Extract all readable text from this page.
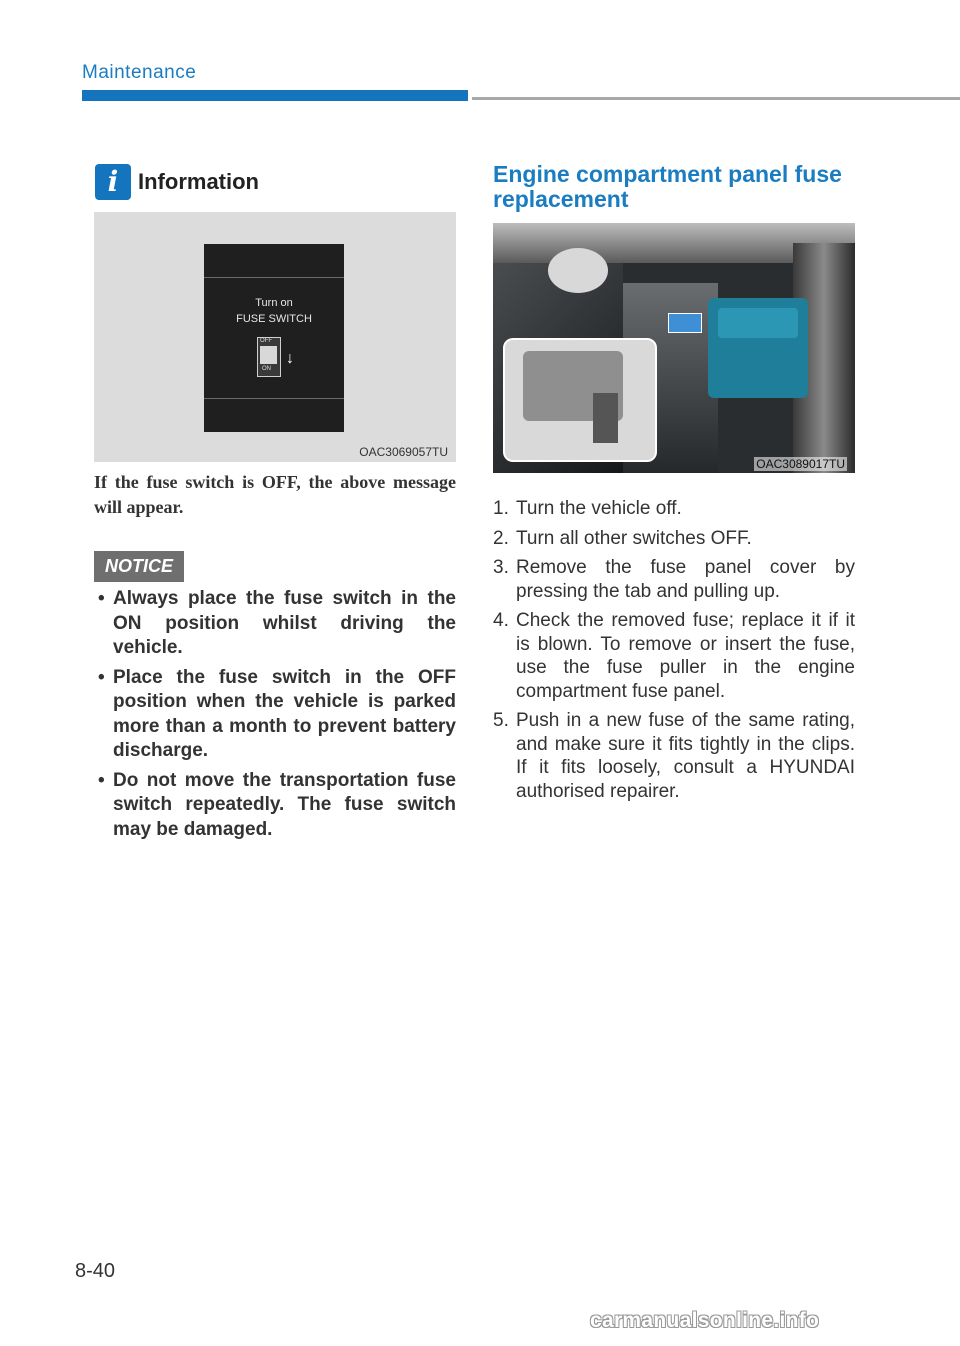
Maintenance
i Information
Turn on
FUSE SWITCH
OFF
ON
↓
OAC3069057TU
If the fuse switch is OFF, the above message will appear.
NOTICE
• Always place the fuse switch in the ON position whilst driving the vehicle.
• Place the fuse switch in the OFF position when the vehicle is parked more than a month to prevent battery discharge.
• Do not move the transportation fuse switch repeatedly. The fuse switch may be damaged.
Engine compartment panel fuse replacement
OAC3089017TU
1. Turn the vehicle off.
2. Turn all other switches OFF.
3. Remove the fuse panel cover by pressing the tab and pulling up.
4. Check the removed fuse; replace it if it is blown. To remove or insert the fuse, use the fuse puller in the engine compartment fuse panel.
5. Push in a new fuse of the same rating, and make sure it fits tightly in the clips. If it fits loosely, consult a HYUNDAI authorised repairer.
8-40
carmanualsonline.info
